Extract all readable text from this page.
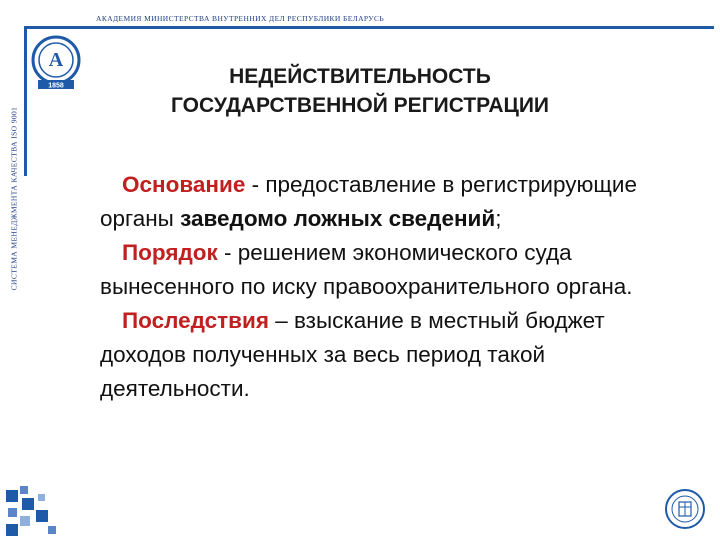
АКАДЕМИЯ МИНИСТЕРСТВА ВНУТРЕННИХ ДЕЛ РЕСПУБЛИКИ БЕЛАРУСЬ
СИСТЕМА МЕНЕДЖМЕНТА КАЧЕСТВА ISO 9001
А
1858	НЕДЕЙСТВИТЕЛЬНОСТЬ
ГОСУДАРСТВЕННОЙ РЕГИСТРАЦИИ

Основание - предоставление в регистрирующие органы заведомо ложных сведений;

Порядок - решением экономического суда вынесенного по иску правоохранительного органа.

Последствия – взыскание в местный бюджет доходов полученных за весь период такой деятельности.
